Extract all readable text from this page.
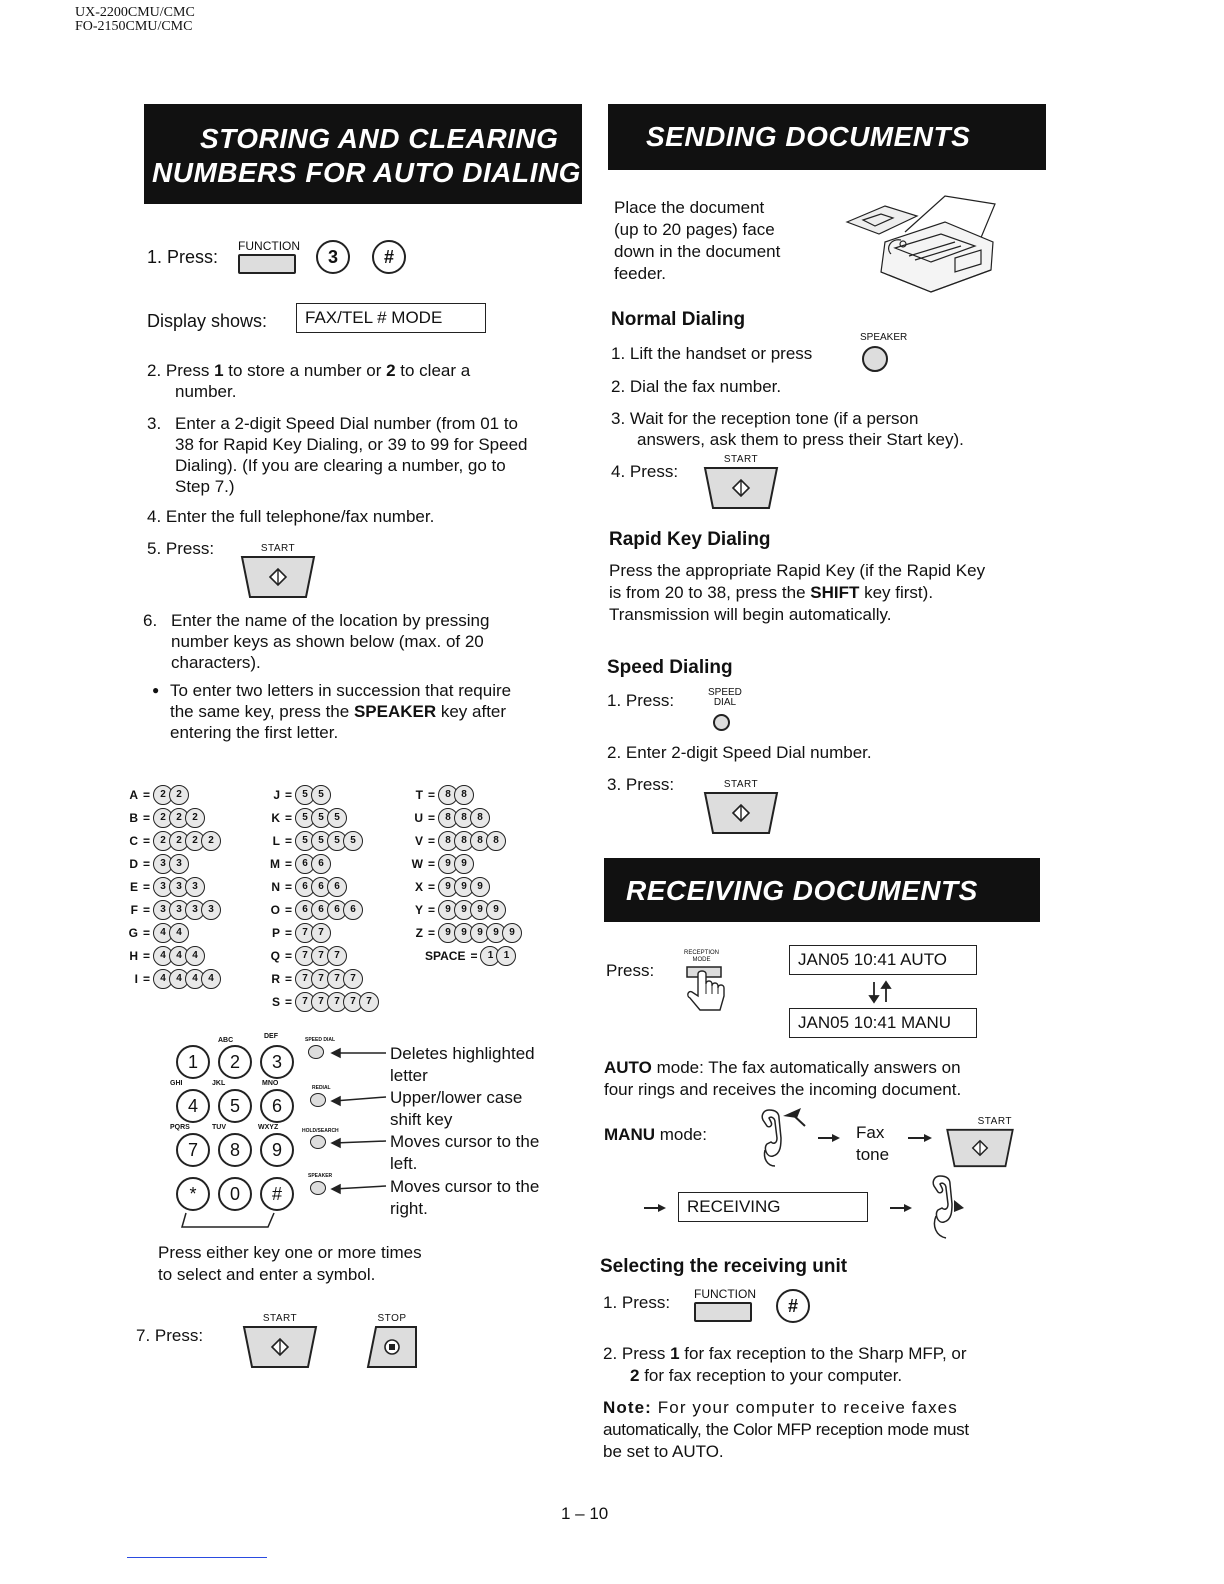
UX-2200CMU/CMC
FO-2150CMU/CMC
STORING AND CLEARING
NUMBERS FOR AUTO DIALING
1. Press:
FUNCTION
3	#
Display shows:	FAX/TEL # MODE
2. Press 1 to store a number or 2 to clear a
number.
3. Enter a 2-digit Speed Dial number (from 01 to
38 for Rapid Key Dialing, or 39 to 99 for Speed
Dialing). (If you are clearing a number, go to
Step 7.)
4. Enter the full telephone/fax number.
5. Press:	START
6. Enter the name of the location by pressing
number keys as shown below (max. of 20
characters).
● To enter two letters in succession that require
the same key, press the SPEAKER key after
entering the first letter.
A =	2	2
B =	2	2	2
C =	2	2	2	2
D =	3	3
E =	3	3	3
F =	3	3	3	3
G =	4	4
H =	4	4	4
I =	4	4	4	4
J =	5	5
K =	5	5	5
L =	5	5	5	5
M =	6	6
N =	6	6	6
O =	6	6	6	6
P =	7	7
Q =	7	7	7
R =	7	7	7	7
S =	7	7	7	7	7
T =	8	8
U =	8	8	8
V =	8	8	8	8
W =	9	9
X =	9	9	9
Y =	9	9	9	9
Z =	9	9	9	9	9
SPACE =	1	1
ABC
DEF
1	2	3
GHI	JKL	MNO
4	5	6
PQRS	TUV	WXYZ
7	8	9
*	0	#
SPEED DIAL
REDIAL
HOLD/SEARCH
SPEAKER
Deletes highlighted
letter
Upper/lower case
shift key
Moves cursor to the
left.
Moves cursor to the
right.
Press either key one or more times
to select and enter a symbol.
7. Press:
START	STOP
SENDING DOCUMENTS
Place the document
(up to 20 pages) face
down in the document
feeder.
Normal Dialing
SPEAKER
1. Lift the handset or press
2. Dial the fax number.
3. Wait for the reception tone (if a person
answers, ask them to press their Start key).
4. Press:
START
Rapid Key Dialing
Press the appropriate Rapid Key (if the Rapid Key
is from 20 to 38, press the SHIFT key first).
Transmission will begin automatically.
Speed Dialing
1. Press:	SPEED
DIAL
2. Enter 2-digit Speed Dial number.
3. Press:	START
RECEIVING DOCUMENTS
Press:
RECEPTION
MODE	JAN05 10:41 AUTO
JAN05 10:41 MANU
AUTO mode: The fax automatically answers on
four rings and receives the incoming document.
MANU mode:	Fax
tone
START
RECEIVING
Selecting the receiving unit
1. Press: FUNCTION
#
2. Press 1 for fax reception to the Sharp MFP, or
2 for fax reception to your computer.
Note: For your computer to receive faxes
automatically, the Color MFP reception mode must
be set to AUTO.
1 – 10
